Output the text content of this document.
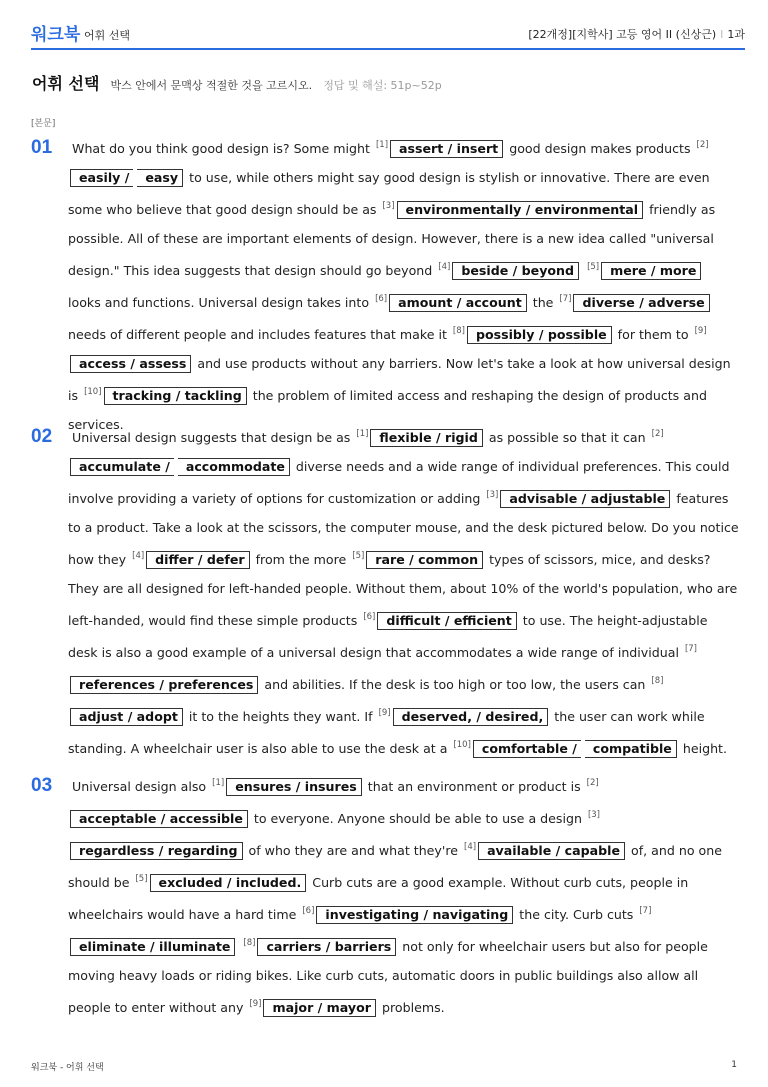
워크북 어휘 선택	[22개정][지학사] 고등 영어 II (신상근) I 1과
어휘 선택 박스 안에서 문맥상 적절한 것을 고르시오. 정답 및 해설: 51p~52p
[본문]
01	What do you think good design is? Some might [1] assert / insert good design makes products [2]easily / easy to use, while others might say good design is stylish or innovative. There are even some who believe that good design should be as [3] environmentally / environmental friendly as possible. All of these are important elements of design. However, there is a new idea called "universal design." This idea suggests that design should go beyond [4] beside / beyond [5] mere / more looks and functions. Universal design takes into [6] amount / account the [7] diverse / adverse needs of different people and includes features that make it [8] possibly / possible for them to [9]access / assess and use products without any barriers. Now let's take a look at how universal design is [10] tracking / tackling the problem of limited access and reshaping the design of products and services.
02	Universal design suggests that design be as [1] flexible / rigid as possible so that it can [2]accumulate / accommodate diverse needs and a wide range of individual preferences. This could involve providing a variety of options for customization or adding [3] advisable / adjustable features to a product. Take a look at the scissors, the computer mouse, and the desk pictured below. Do you notice how they [4] differ / defer from the more [5] rare / common types of scissors, mice, and desks? They are all designed for left-handed people. Without them, about 10% of the world's population, who are left-handed, would find these simple products [6] difficult / efficient to use. The height-adjustable desk is also a good example of a universal design that accommodates a wide range of individual [7]references / preferences and abilities. If the desk is too high or too low, the users can [8]adjust / adopt it to the heights they want. If [9] deserved, / desired, the user can work while standing. A wheelchair user is also able to use the desk at a [10] comfortable / compatible height.
03	Universal design also [1] ensures / insures that an environment or product is [2]acceptable / accessible to everyone. Anyone should be able to use a design [3]regardless / regarding of who they are and what they're [4] available / capable of, and no one should be [5] excluded / included. Curb cuts are a good example. Without curb cuts, people in wheelchairs would have a hard time [6] investigating / navigating the city. Curb cuts [7]eliminate / illuminate [8] carriers / barriers not only for wheelchair users but also for people moving heavy loads or riding bikes. Like curb cuts, automatic doors in public buildings also allow all people to enter without any [9] major / mayor problems.
워크북 - 어휘 선택	1
